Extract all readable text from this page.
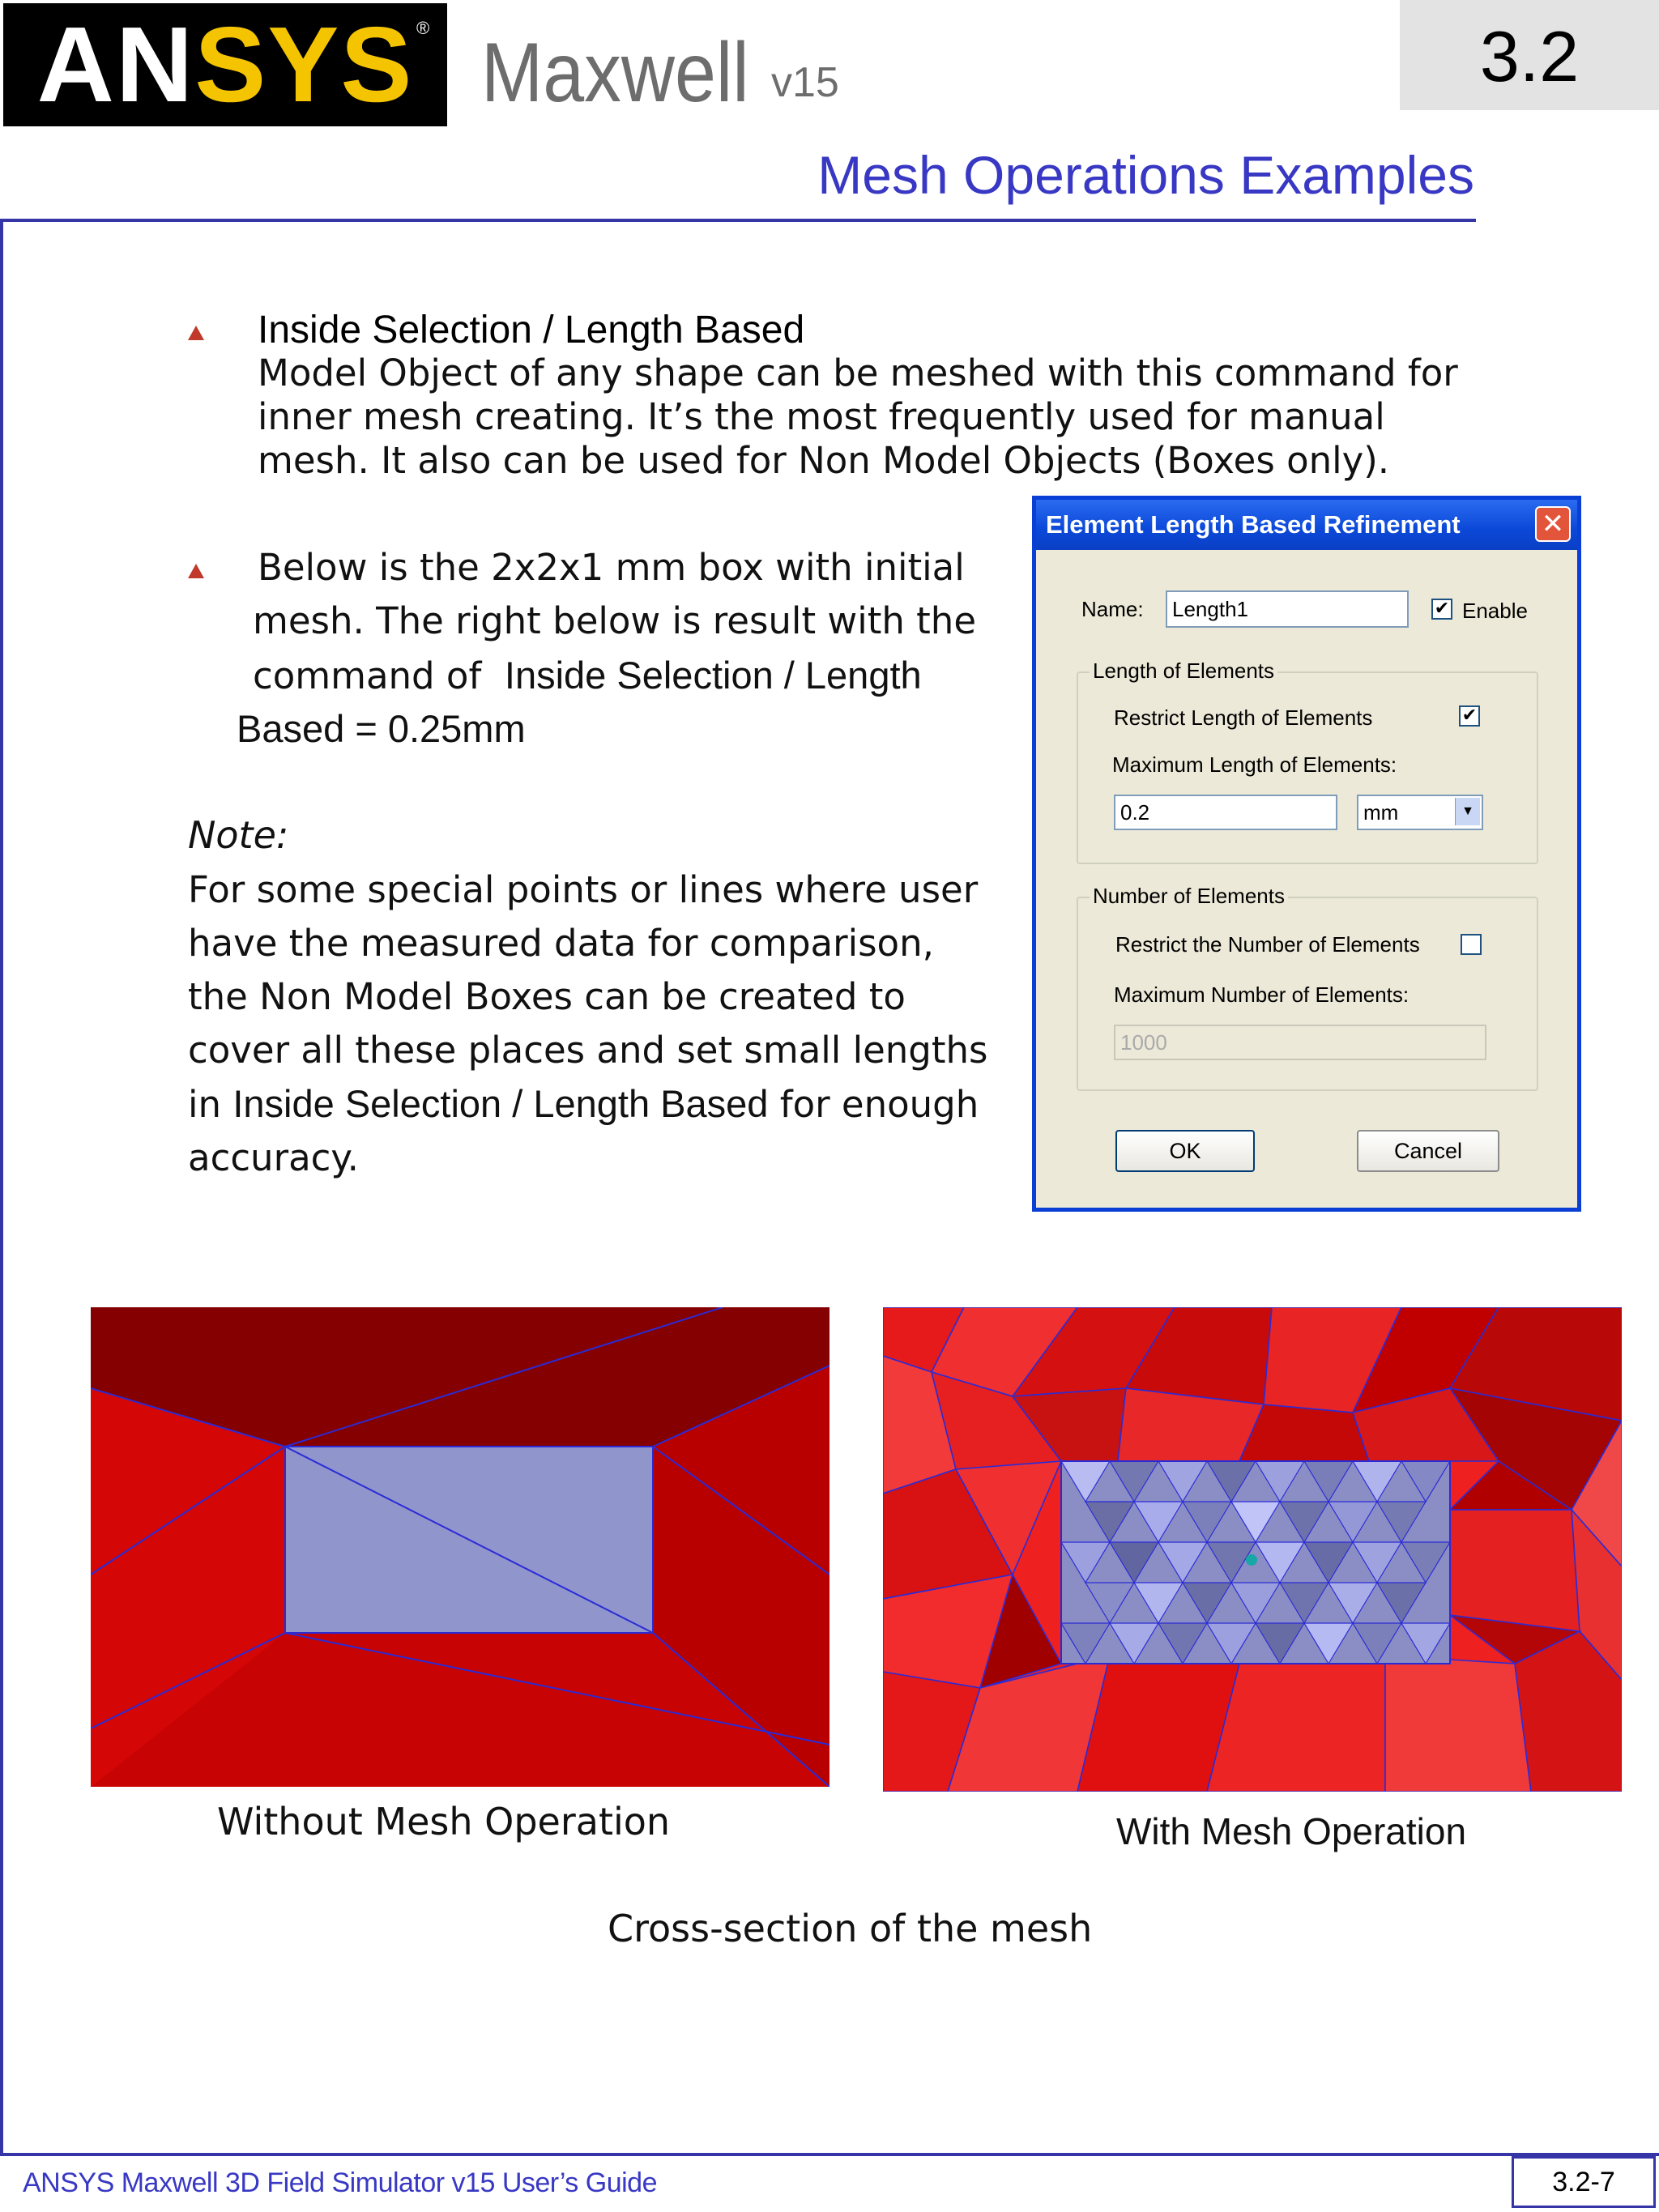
ANSYS ® Maxwell v15	3.2
Mesh Operations Examples
Inside Selection / Length Based
Model Object of any shape can be meshed with this command for inner mesh creating. It’s the most frequently used for manual mesh. It also can be used for Non Model Objects (Boxes only).
Below is the 2x2x1 mm box with initial
mesh. The right below is result with the
command of Inside Selection / Length
Based = 0.25mm
Note:
For some special points or lines where user have the measured data for comparison, the Non Model Boxes can be created to cover all these places and set small lengths in Inside Selection / Length Based for enough accuracy.
Element Length Based Refinement	✕
Name:	Length1	✔ Enable
Length of Elements
Restrict Length of Elements	✔
Maximum Length of Elements:
0.2	mm	▼
Number of Elements
Restrict the Number of Elements
Maximum Number of Elements:
1000
OK	Cancel
Without Mesh Operation	With Mesh Operation
Cross-section of the mesh
ANSYS Maxwell 3D Field Simulator v15 User’s Guide	3.2-7
